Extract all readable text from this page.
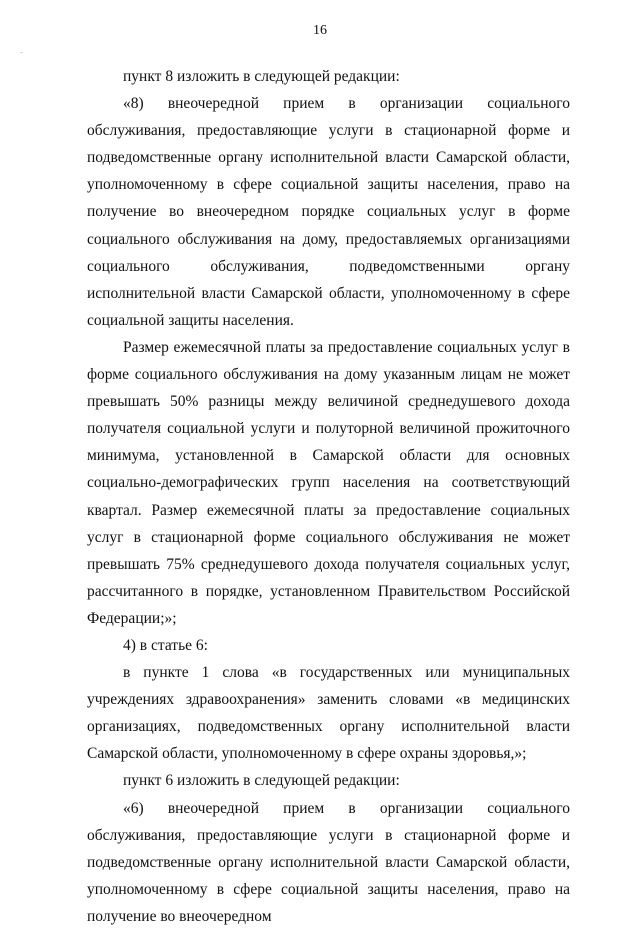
16

пункт 8 изложить в следующей редакции:

«8) внеочередной прием в организации социального обслуживания, предоставляющие услуги в стационарной форме и подведомственные органу исполнительной власти Самарской области, уполномоченному в сфере социальной защиты населения, право на получение во внеочередном порядке социальных услуг в форме социального обслуживания на дому, предоставляемых организациями социального обслуживания, подведомственными органу исполнительной власти Самарской области, уполномоченному в сфере социальной защиты населения.

Размер ежемесячной платы за предоставление социальных услуг в форме социального обслуживания на дому указанным лицам не может превышать 50% разницы между величиной среднедушевого дохода получателя социальной услуги и полуторной величиной прожиточного минимума, установленной в Самарской области для основных социально-демографических групп населения на соответствующий квартал. Размер ежемесячной платы за предоставление социальных услуг в стационарной форме социального обслуживания не может превышать 75% среднедушевого дохода получателя социальных услуг, рассчитанного в порядке, установленном Правительством Российской Федерации;»;

4) в статье 6:

в пункте 1 слова «в государственных или муниципальных учреждениях здравоохранения» заменить словами «в медицинских организациях, подведомственных органу исполнительной власти Самарской области, уполномоченному в сфере охраны здоровья,»;

пункт 6 изложить в следующей редакции:

«6) внеочередной прием в организации социального обслуживания, предоставляющие услуги в стационарной форме и подведомственные органу исполнительной власти Самарской области, уполномоченному в сфере социальной защиты населения, право на получение во внеочередном
